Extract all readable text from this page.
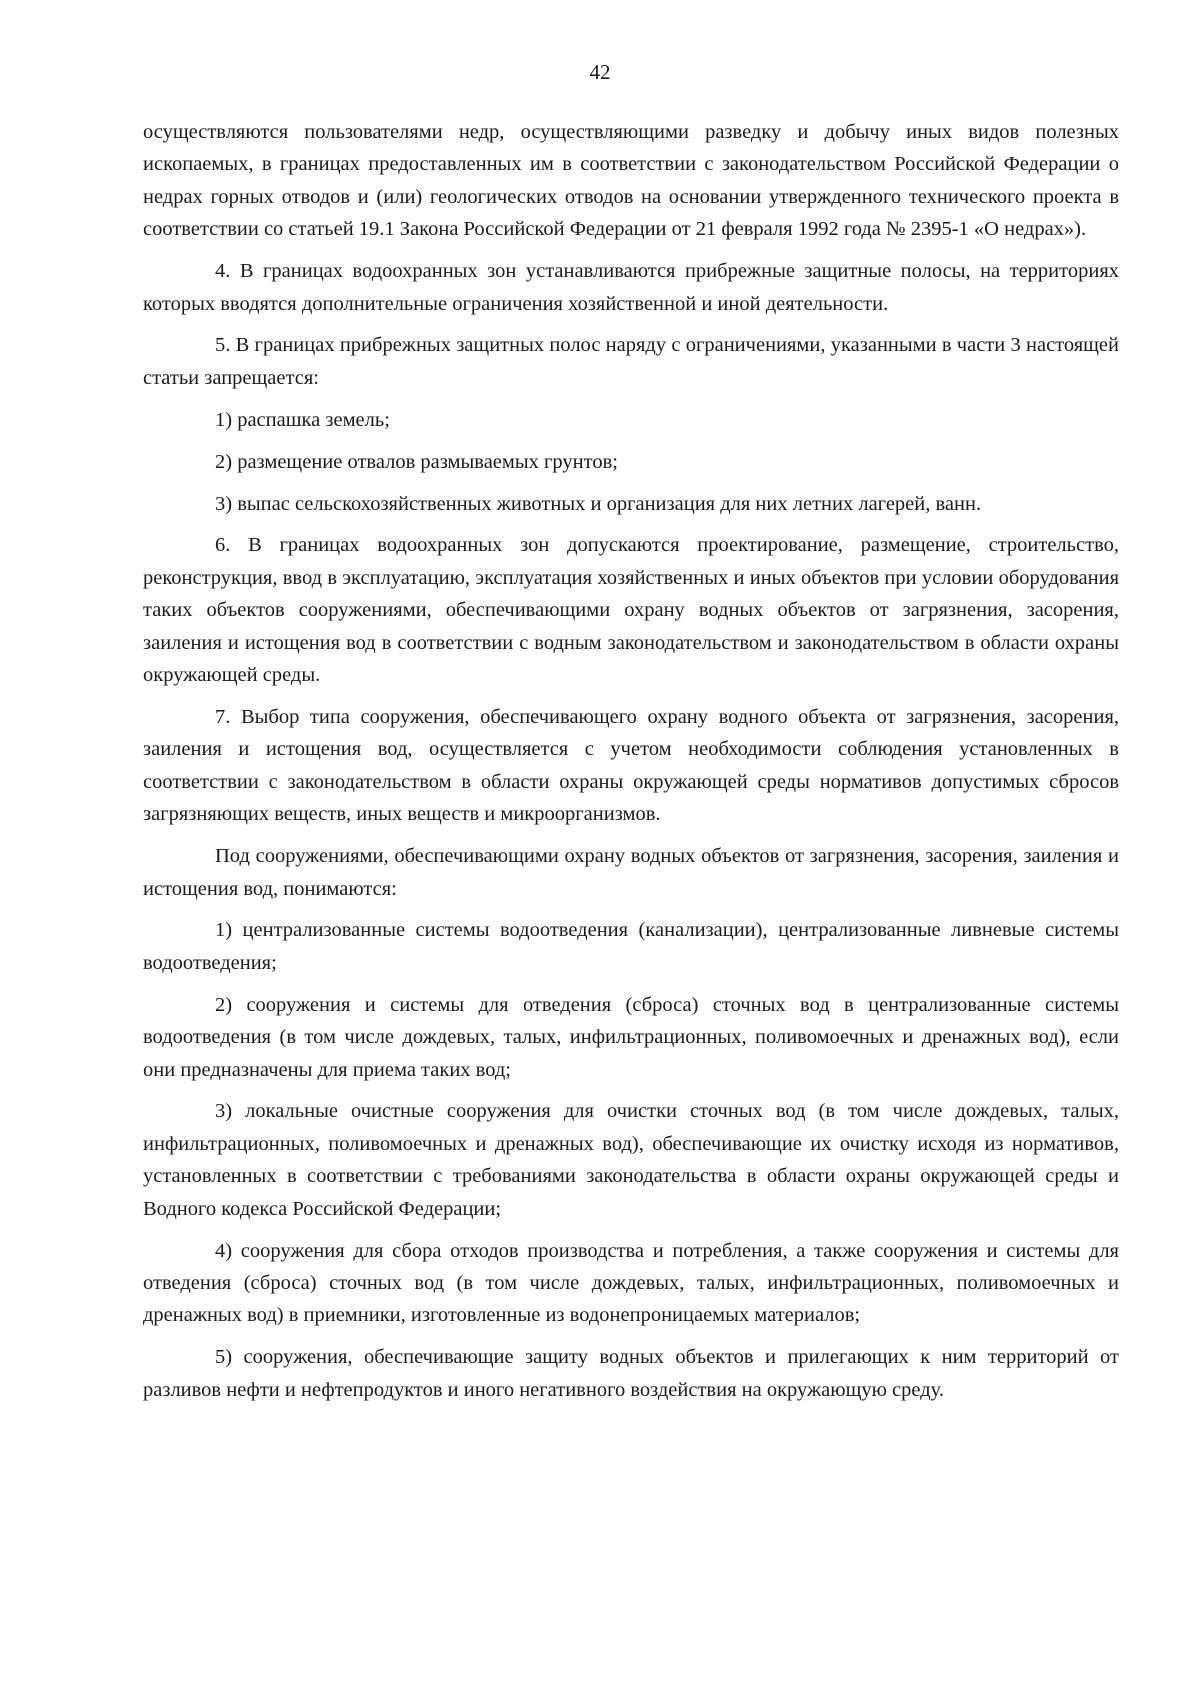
42

осуществляются пользователями недр, осуществляющими разведку и добычу иных видов полезных ископаемых, в границах предоставленных им в соответствии с законодательством Российской Федерации о недрах горных отводов и (или) геологических отводов на основании утвержденного технического проекта в соответствии со статьей 19.1 Закона Российской Федерации от 21 февраля 1992 года № 2395-1 «О недрах»).

4. В границах водоохранных зон устанавливаются прибрежные защитные полосы, на территориях которых вводятся дополнительные ограничения хозяйственной и иной деятельности.

5. В границах прибрежных защитных полос наряду с ограничениями, указанными в части 3 настоящей статьи запрещается:

1) распашка земель;

2) размещение отвалов размываемых грунтов;

3) выпас сельскохозяйственных животных и организация для них летних лагерей, ванн.

6. В границах водоохранных зон допускаются проектирование, размещение, строительство, реконструкция, ввод в эксплуатацию, эксплуатация хозяйственных и иных объектов при условии оборудования таких объектов сооружениями, обеспечивающими охрану водных объектов от загрязнения, засорения, заиления и истощения вод в соответствии с водным законодательством и законодательством в области охраны окружающей среды.

7. Выбор типа сооружения, обеспечивающего охрану водного объекта от загрязнения, засорения, заиления и истощения вод, осуществляется с учетом необходимости соблюдения установленных в соответствии с законодательством в области охраны окружающей среды нормативов допустимых сбросов загрязняющих веществ, иных веществ и микроорганизмов.

Под сооружениями, обеспечивающими охрану водных объектов от загрязнения, засорения, заиления и истощения вод, понимаются:

1) централизованные системы водоотведения (канализации), централизованные ливневые системы водоотведения;

2) сооружения и системы для отведения (сброса) сточных вод в централизованные системы водоотведения (в том числе дождевых, талых, инфильтрационных, поливомоечных и дренажных вод), если они предназначены для приема таких вод;

3) локальные очистные сооружения для очистки сточных вод (в том числе дождевых, талых, инфильтрационных, поливомоечных и дренажных вод), обеспечивающие их очистку исходя из нормативов, установленных в соответствии с требованиями законодательства в области охраны окружающей среды и Водного кодекса Российской Федерации;

4) сооружения для сбора отходов производства и потребления, а также сооружения и системы для отведения (сброса) сточных вод (в том числе дождевых, талых, инфильтрационных, поливомоечных и дренажных вод) в приемники, изготовленные из водонепроницаемых материалов;

5) сооружения, обеспечивающие защиту водных объектов и прилегающих к ним территорий от разливов нефти и нефтепродуктов и иного негативного воздействия на окружающую среду.
